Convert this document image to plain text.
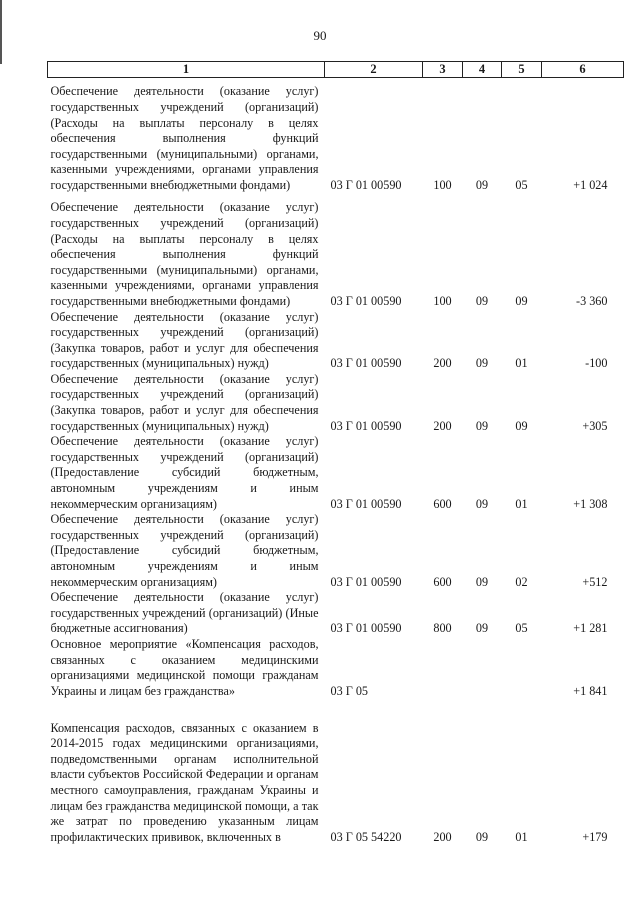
90
1	2	3	4	5	6
Обеспечение деятельности (оказание услуг) государственных учреждений (организаций) (Расходы на выплаты персоналу в целях обеспечения выполнения функций государственными (муниципальными) органами, казенными учреждениями, органами управления государственными внебюджетными фондами)	03 Г 01 00590	100	09	05	+1 024
Обеспечение деятельности (оказание услуг) государственных учреждений (организаций) (Расходы на выплаты персоналу в целях обеспечения выполнения функций государственными (муниципальными) органами, казенными учреждениями, органами управления государственными внебюджетными фондами)	03 Г 01 00590	100	09	09	-3 360
Обеспечение деятельности (оказание услуг) государственных учреждений (организаций) (Закупка товаров, работ и услуг для обеспечения государственных (муниципальных) нужд)	03 Г 01 00590	200	09	01	-100
Обеспечение деятельности (оказание услуг) государственных учреждений (организаций) (Закупка товаров, работ и услуг для обеспечения государственных (муниципальных) нужд)	03 Г 01 00590	200	09	09	+305
Обеспечение деятельности (оказание услуг) государственных учреждений (организаций) (Предоставление субсидий бюджетным, автономным учреждениям и иным некоммерческим организациям)	03 Г 01 00590	600	09	01	+1 308
Обеспечение деятельности (оказание услуг) государственных учреждений (организаций) (Предоставление субсидий бюджетным, автономным учреждениям и иным некоммерческим организациям)	03 Г 01 00590	600	09	02	+512
Обеспечение деятельности (оказание услуг) государственных учреждений (организаций) (Иные бюджетные ассигнования)	03 Г 01 00590	800	09	05	+1 281
Основное мероприятие «Компенсация расходов, связанных с оказанием медицинскими организациями медицинской помощи гражданам Украины и лицам без гражданства»	03 Г 05				+1 841
Компенсация расходов, связанных с оказанием в 2014-2015 годах медицинскими организациями, подведомственными органам исполнительной власти субъектов Российской Федерации и органам местного самоуправления, гражданам Украины и лицам без гражданства медицинской помощи, а так же затрат по проведению указанным лицам профилактических прививок, включенных в	03 Г 05 54220	200	09	01	+179
